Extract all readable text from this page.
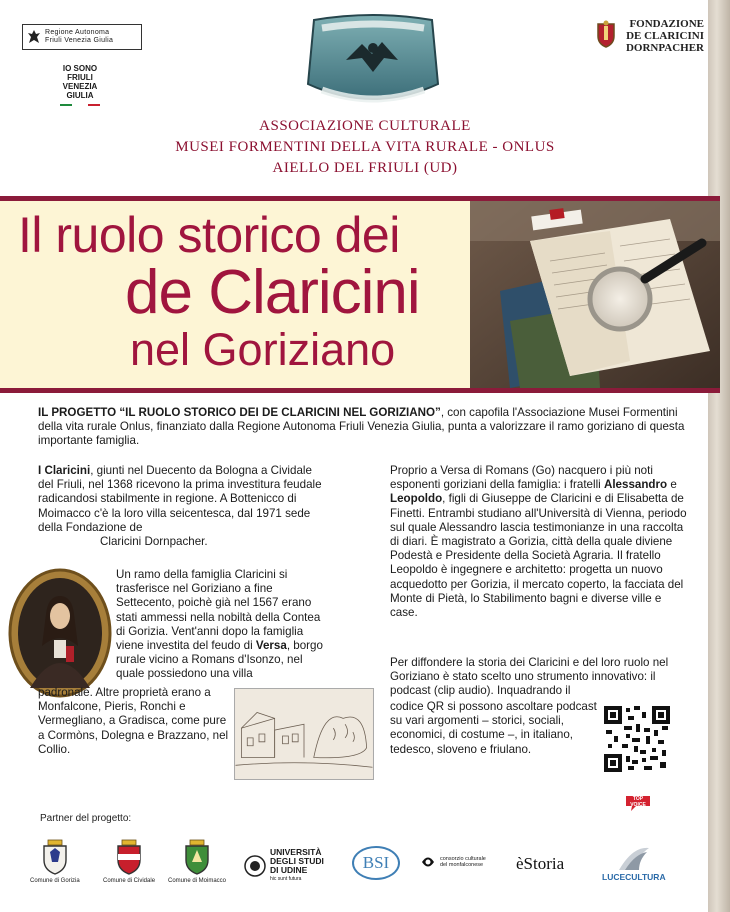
Regione Autonoma
Friuli Venezia Giulia
IO SONO
FRIULI
VENEZIA
GIULIA
FONDAZIONE
DE CLARICINI
DORNPACHER
ASSOCIAZIONE CULTURALE
MUSEI FORMENTINI DELLA VITA RURALE - ONLUS
AIELLO DEL FRIULI (UD)
Il ruolo storico dei
de Claricini
nel Goriziano
IL PROGETTO “IL RUOLO STORICO DEI DE CLARICINI NEL GORIZIANO”, con capofila l'Associazione Musei Formentini della vita rurale Onlus, finanziato dalla Regione Autonoma Friuli Venezia Giulia, punta a valorizzare il ramo goriziano di questa importante famiglia.
I Claricini, giunti nel Duecento da Bologna a Cividale del Friuli, nel 1368 ricevono la prima investitura feudale radicandosi stabilmente in regione. A Bottenicco di Moimacco c'è la loro villa seicentesca, dal 1971 sede della Fondazione de
Claricini Dornpacher.
Un ramo della famiglia Claricini si trasferisce nel Goriziano a fine Settecento, poichè già nel 1567 erano stati ammessi nella nobiltà della Contea di Gorizia. Vent'anni dopo la famiglia viene investita del feudo di Versa, borgo rurale vicino a Romans d'Isonzo, nel quale possiedono una villa
padronale. Altre proprietà erano a Monfalcone, Pieris, Ronchi e Vermegliano, a Gradisca, come pure a Cormòns, Dolegna e Brazzano, nel Collio.
Proprio a Versa di Romans (Go) nacquero i più noti esponenti goriziani della famiglia: i fratelli Alessandro e Leopoldo, figli di Giuseppe de Claricini e di Elisabetta de Finetti. Entrambi studiano all'Università di Vienna, periodo sul quale Alessandro lascia testimonianze in una raccolta di diari. È magistrato a Gorizia, città della quale diviene Podestà e Presidente della Società Agraria. Il fratello Leopoldo è ingegnere e architetto: progetta un nuovo acquedotto per Gorizia, il mercato coperto, la facciata del Monte di Pietà, lo Stabilimento bagni e diverse ville e case.
Per diffondere la storia dei Claricini e del loro ruolo nel Goriziano è stato scelto uno strumento innovativo: il podcast (clip audio). Inquadrando il
codice QR si possono ascoltare podcast su vari argomenti – storici, sociali, economici, di costume –, in italiano, tedesco, sloveno e friulano.
TOP VOICE
Partner del progetto:
Comune di Gorizia	Comune di Cividale Comune di Moimacco
UNIVERSITÀ
DEGLI STUDI
DI UDINE
hic sunt futura
BSI	consorzio culturale
del monfalconese èStoria
LUCECULTURA
